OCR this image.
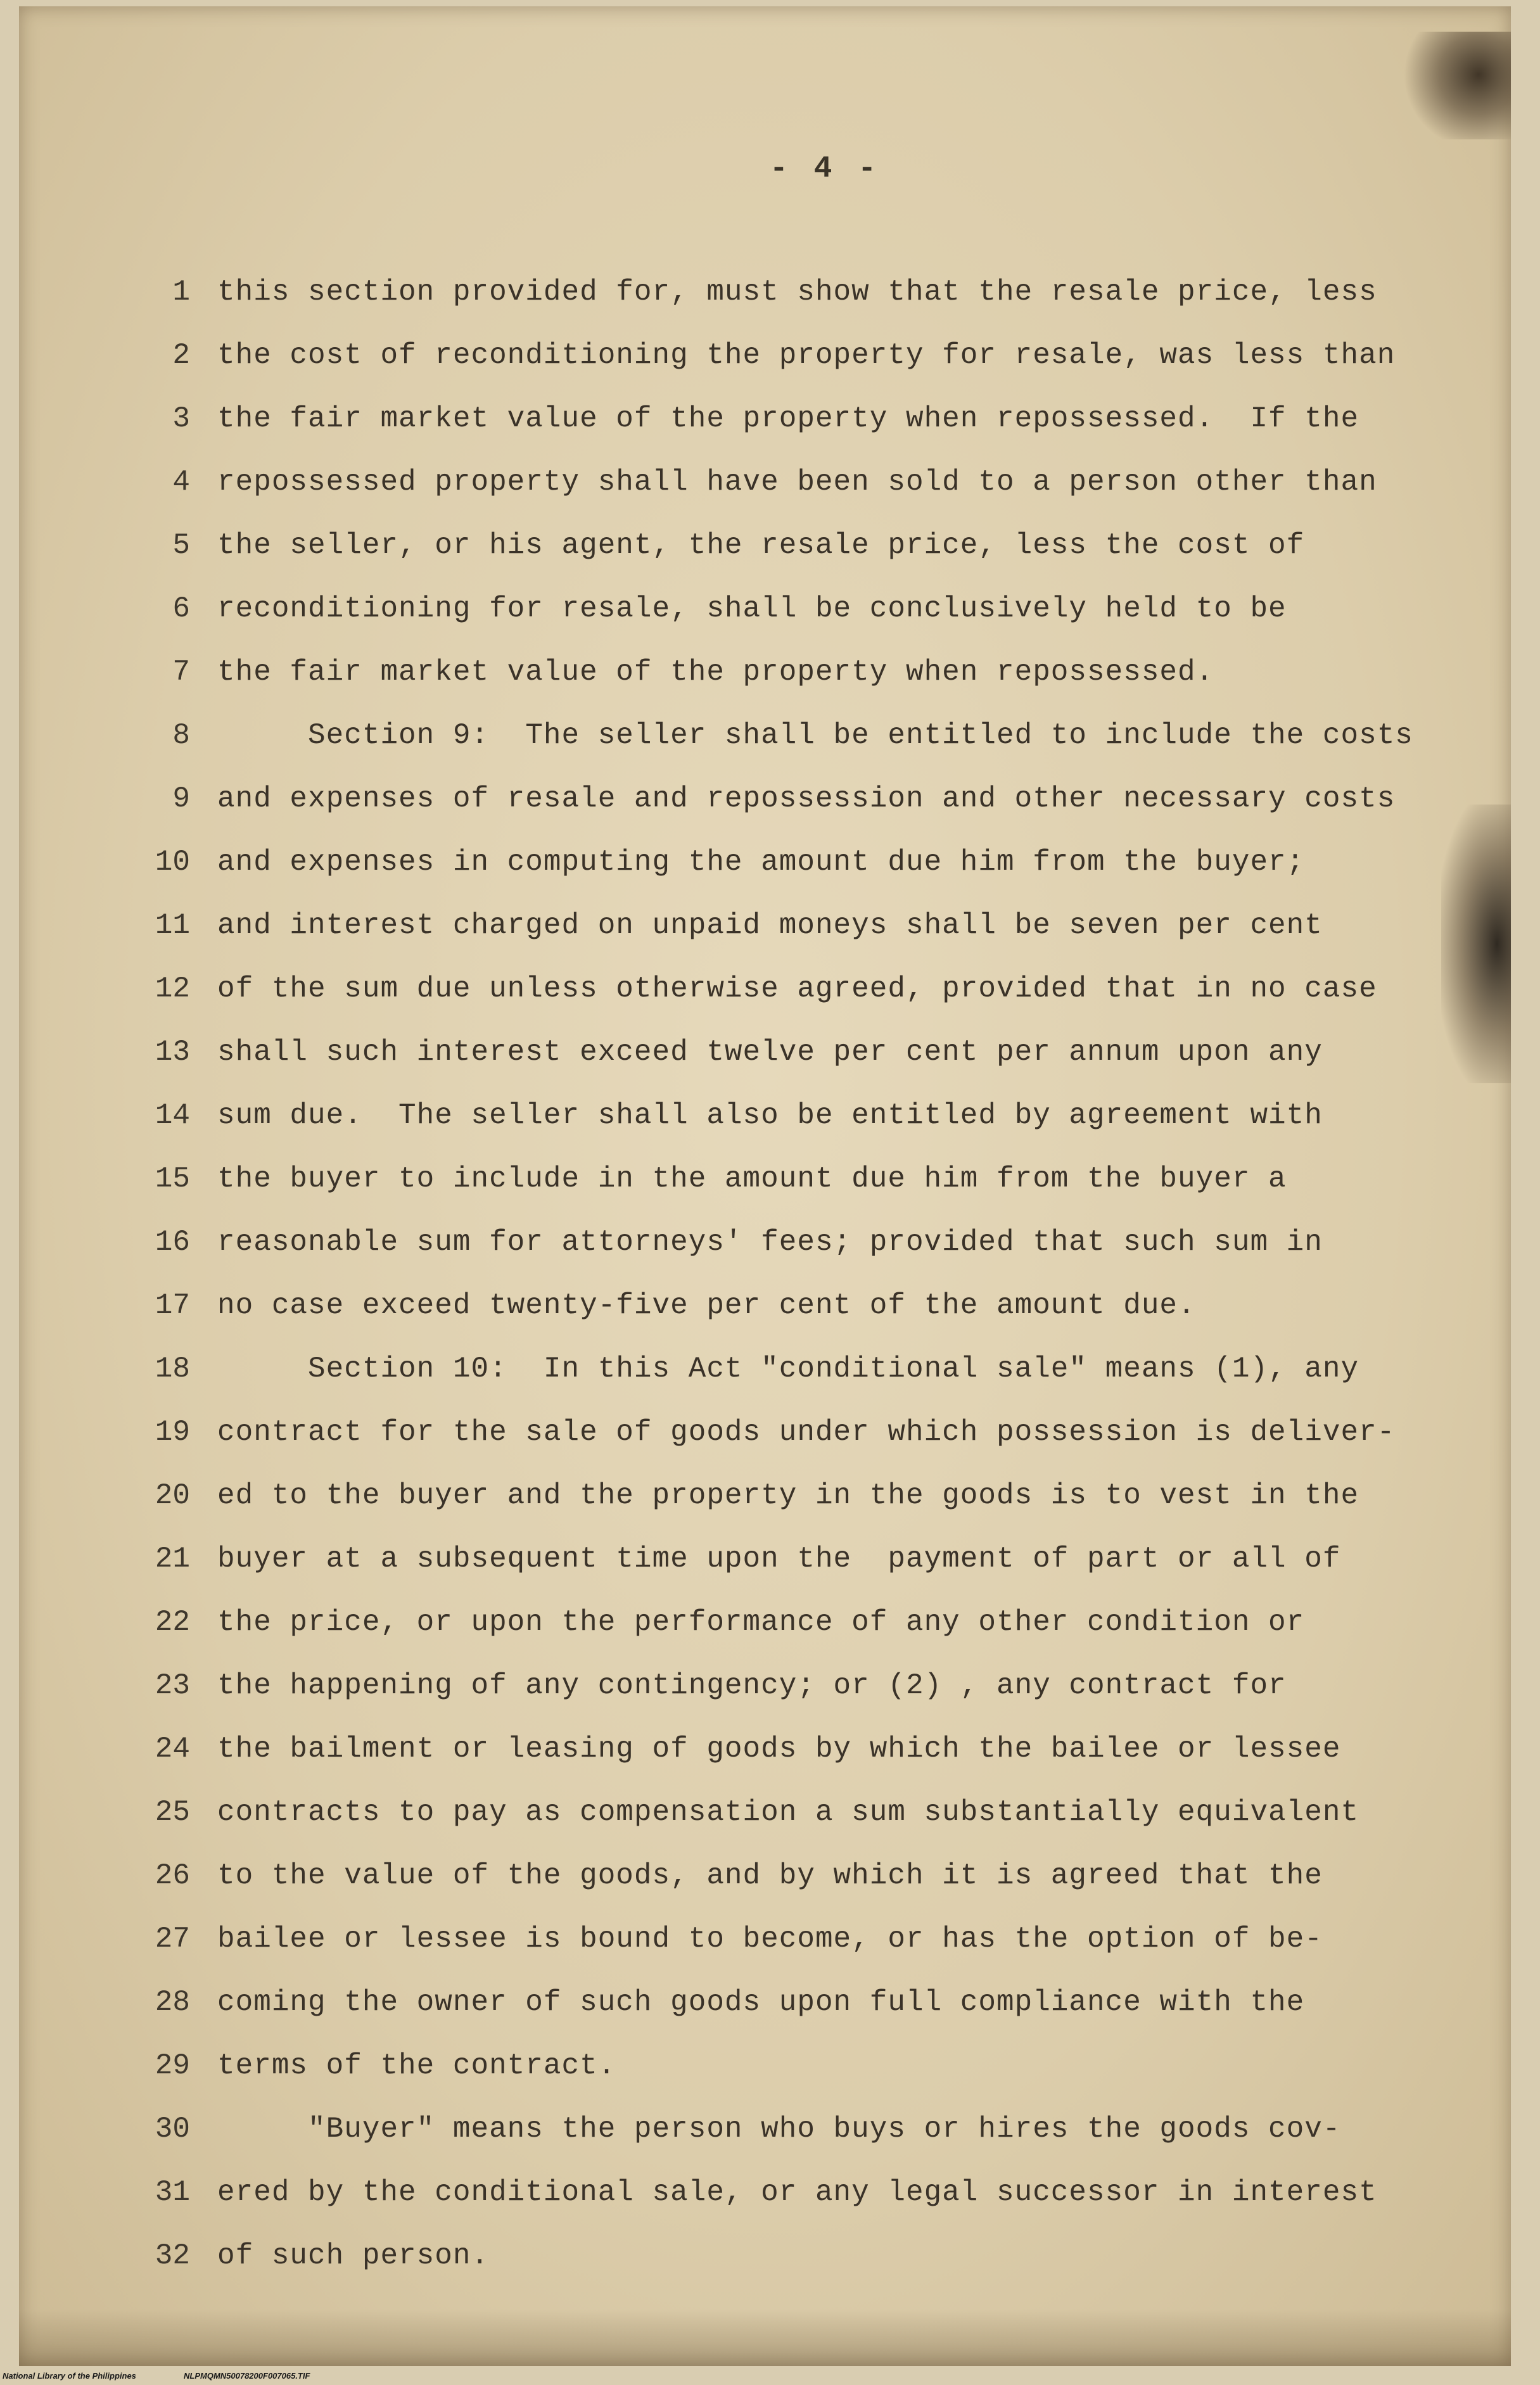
- 4 -
1 this section provided for, must show that the resale price, less
2 the cost of reconditioning the property for resale, was less than
3 the fair market value of the property when repossessed.  If the
4 repossessed property shall have been sold to a person other than
5 the seller, or his agent, the resale price, less the cost of
6 reconditioning for resale, shall be conclusively held to be
7 the fair market value of the property when repossessed.
8 Section 9:  The seller shall be entitled to include the costs
9 and expenses of resale and repossession and other necessary costs
10 and expenses in computing the amount due him from the buyer;
11 and interest charged on unpaid moneys shall be seven per cent
12 of the sum due unless otherwise agreed, provided that in no case
13 shall such interest exceed twelve per cent per annum upon any
14 sum due.  The seller shall also be entitled by agreement with
15 the buyer to include in the amount due him from the buyer a
16 reasonable sum for attorneys' fees; provided that such sum in
17 no case exceed twenty-five per cent of the amount due.
18 Section 10:  In this Act "conditional sale" means (1), any
19 contract for the sale of goods under which possession is deliver-
20 ed to the buyer and the property in the goods is to vest in the
21 buyer at a subsequent time upon the  payment of part or all of
22 the price, or upon the performance of any other condition or
23 the happening of any contingency; or (2) , any contract for
24 the bailment or leasing of goods by which the bailee or lessee
25 contracts to pay as compensation a sum substantially equivalent
26 to the value of the goods, and by which it is agreed that the
27 bailee or lessee is bound to become, or has the option of be-
28 coming the owner of such goods upon full compliance with the
29 terms of the contract.
30 "Buyer" means the person who buys or hires the goods cov-
31 ered by the conditional sale, or any legal successor in interest
32 of such person.
National Library of the Philippines	NLPMQMN50078200F007065.TIF
